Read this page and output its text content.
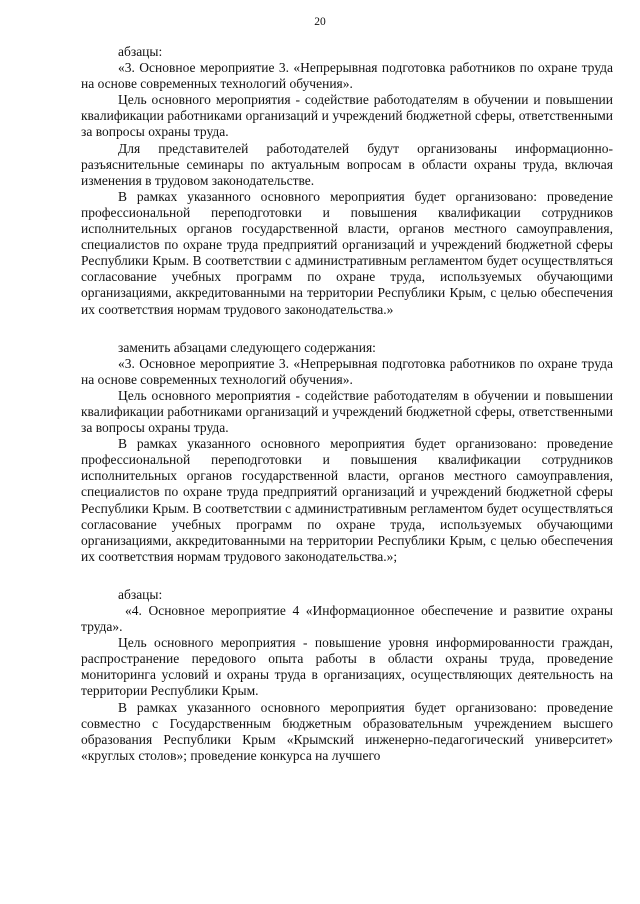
20

абзацы:

«3. Основное мероприятие 3. «Непрерывная подготовка работников по охране труда на основе современных технологий обучения».

Цель основного мероприятия - содействие работодателям в обучении и повышении квалификации работниками организаций и учреждений бюджетной сферы, ответственными за вопросы охраны труда.

Для представителей работодателей будут организованы информационно-разъяснительные семинары по актуальным вопросам в области охраны труда, включая изменения в трудовом законодательстве.

В рамках указанного основного мероприятия будет организовано: проведение профессиональной переподготовки и повышения квалификации сотрудников исполнительных органов государственной власти, органов местного самоуправления, специалистов по охране труда предприятий организаций и учреждений бюджетной сферы Республики Крым. В соответствии с административным регламентом будет осуществляться согласование учебных программ по охране труда, используемых обучающими организациями, аккредитованными на территории Республики Крым, с целью обеспечения их соответствия нормам трудового законодательства.»

заменить абзацами следующего содержания:

«3. Основное мероприятие 3. «Непрерывная подготовка работников по охране труда на основе современных технологий обучения».

Цель основного мероприятия - содействие работодателям в обучении и повышении квалификации работниками организаций и учреждений бюджетной сферы, ответственными за вопросы охраны труда.

В рамках указанного основного мероприятия будет организовано: проведение профессиональной переподготовки и повышения квалификации сотрудников исполнительных органов государственной власти, органов местного самоуправления, специалистов по охране труда предприятий организаций и учреждений бюджетной сферы Республики Крым. В соответствии с административным регламентом будет осуществляться согласование учебных программ по охране труда, используемых обучающими организациями, аккредитованными на территории Республики Крым, с целью обеспечения их соответствия нормам трудового законодательства.»;

абзацы:

«4. Основное мероприятие 4 «Информационное обеспечение и развитие охраны труда».

Цель основного мероприятия - повышение уровня информированности граждан, распространение передового опыта работы в области охраны труда, проведение мониторинга условий и охраны труда в организациях, осуществляющих деятельность на территории Республики Крым.

В рамках указанного основного мероприятия будет организовано: проведение совместно с Государственным бюджетным образовательным учреждением высшего образования Республики Крым «Крымский инженерно-педагогический университет» «круглых столов»; проведение конкурса на лучшего
